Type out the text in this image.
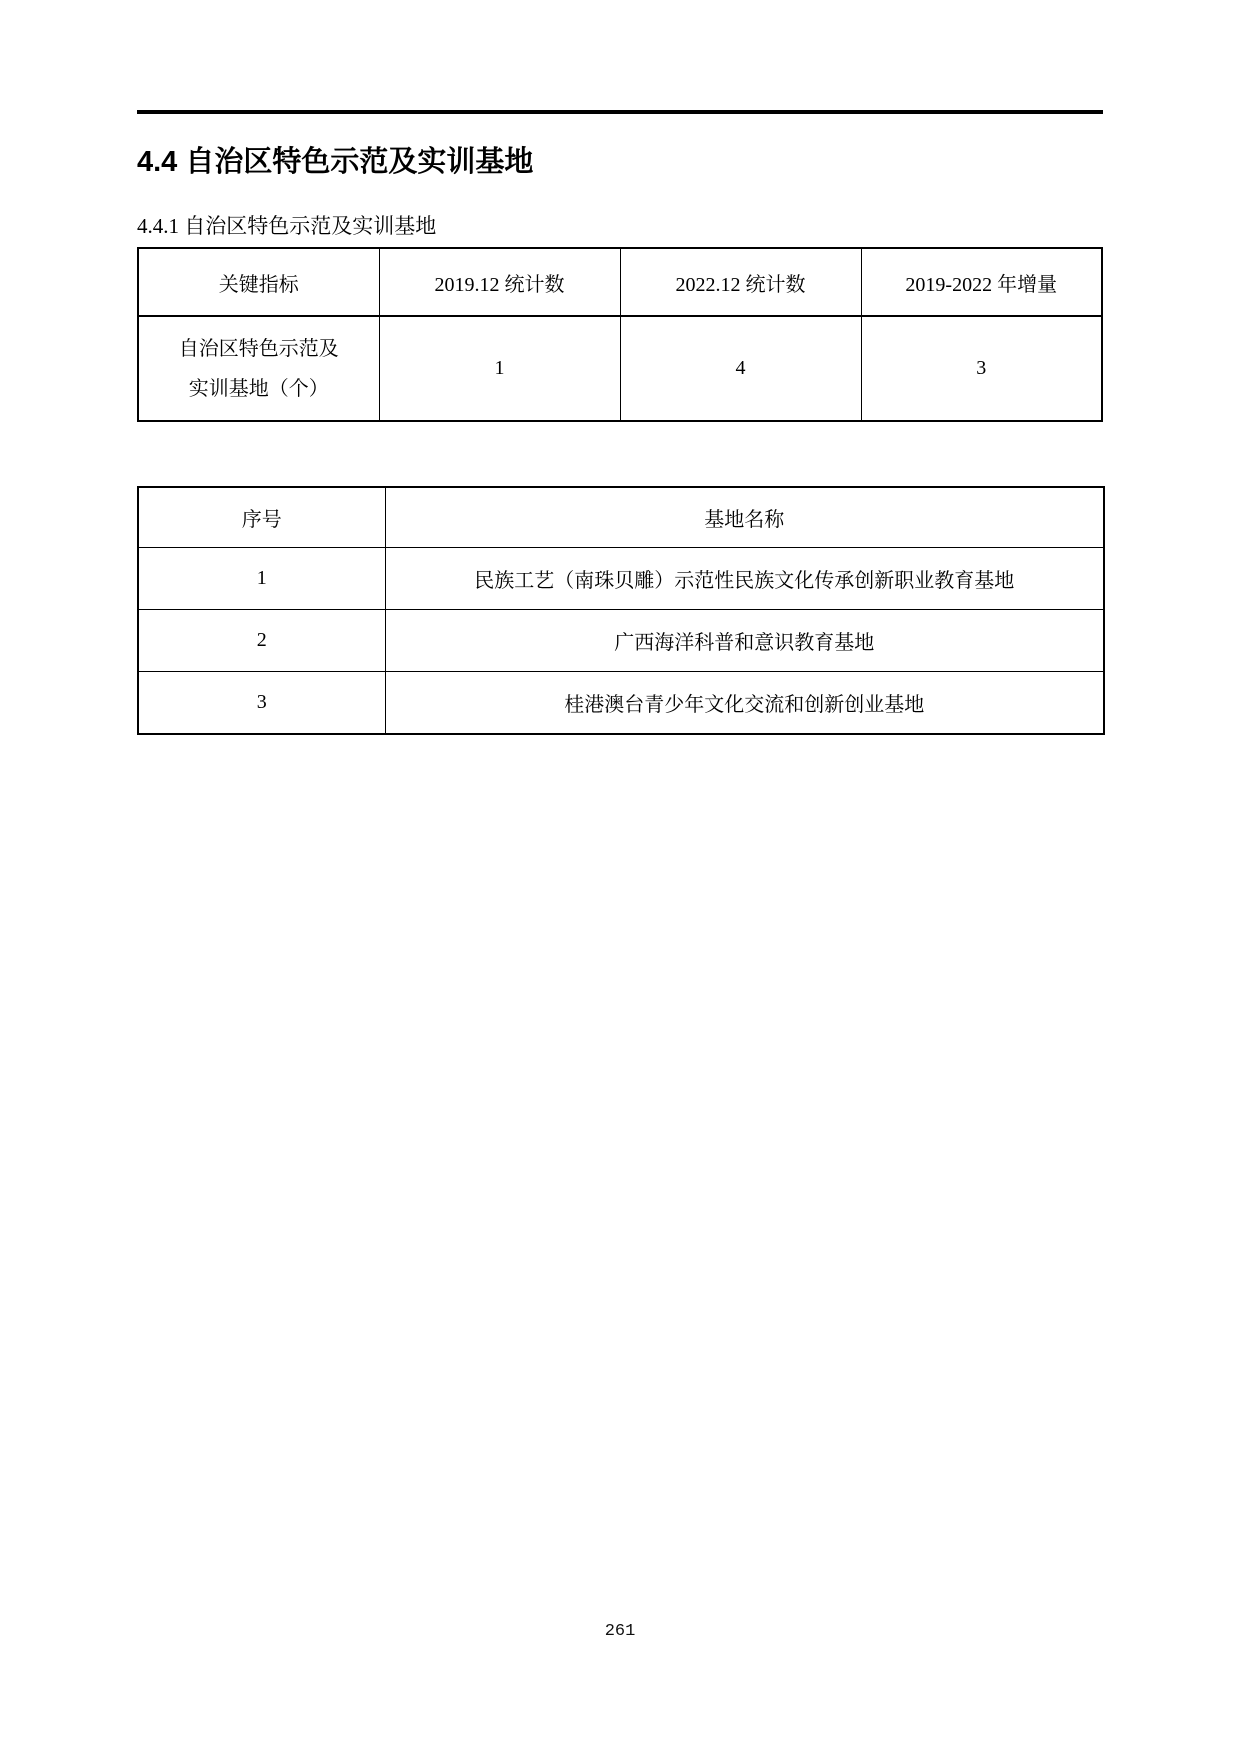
4.4 自治区特色示范及实训基地
4.4.1 自治区特色示范及实训基地
关键指标	2019.12 统计数	2022.12 统计数	2019-2022 年增量
自治区特色示范及实训基地（个）	1	4	3
序号	基地名称
1	民族工艺（南珠贝雕）示范性民族文化传承创新职业教育基地
2	广西海洋科普和意识教育基地
3	桂港澳台青少年文化交流和创新创业基地
261
